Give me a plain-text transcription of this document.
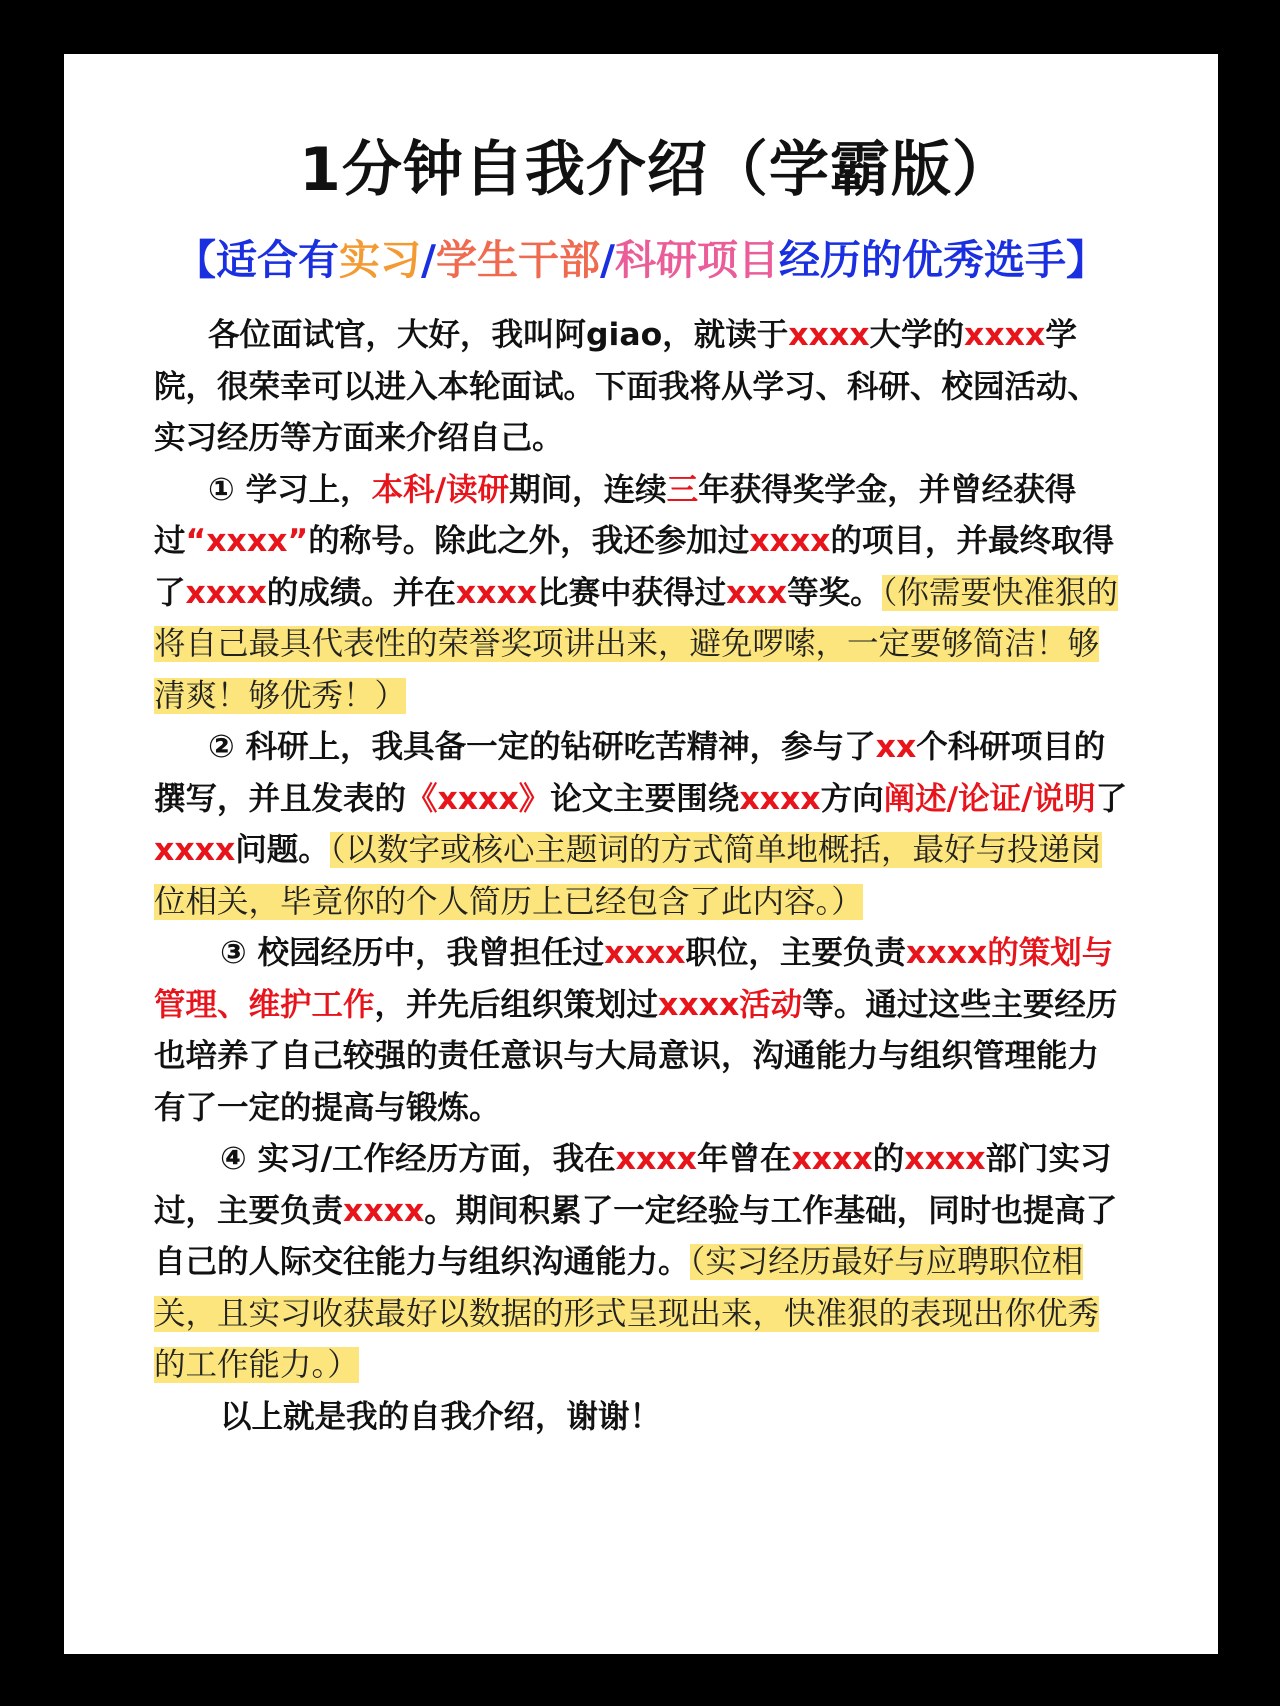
1分钟自我介绍（学霸版）
【适合有实习/学生干部/科研项目经历的优秀选手】

各位面试官，大好，我叫阿giao，就读于xxxx大学的xxxx学院，很荣幸可以进入本轮面试。下面我将从学习、科研、校园活动、实习经历等方面来介绍自己。

① 学习上，本科/读研期间，连续三年获得奖学金，并曾经获得过“xxxx”的称号。除此之外，我还参加过xxxx的项目，并最终取得了xxxx的成绩。并在xxxx比赛中获得过xxx等奖。（你需要快准狠的将自己最具代表性的荣誉奖项讲出来，避免啰嗦，一定要够简洁！够清爽！够优秀！）

② 科研上，我具备一定的钻研吃苦精神，参与了xx个科研项目的撰写，并且发表的《xxxx》论文主要围绕xxxx方向阐述/论证/说明了xxxx问题。（以数字或核心主题词的方式简单地概括，最好与投递岗位相关，毕竟你的个人简历上已经包含了此内容。）

③ 校园经历中，我曾担任过xxxx职位，主要负责xxxx的策划与管理、维护工作，并先后组织策划过xxxx活动等。通过这些主要经历也培养了自己较强的责任意识与大局意识，沟通能力与组织管理能力有了一定的提高与锻炼。

④ 实习/工作经历方面，我在xxxx年曾在xxxx的xxxx部门实习过，主要负责xxxx。期间积累了一定经验与工作基础，同时也提高了自己的人际交往能力与组织沟通能力。（实习经历最好与应聘职位相关，且实习收获最好以数据的形式呈现出来，快准狠的表现出你优秀的工作能力。）

以上就是我的自我介绍，谢谢！
